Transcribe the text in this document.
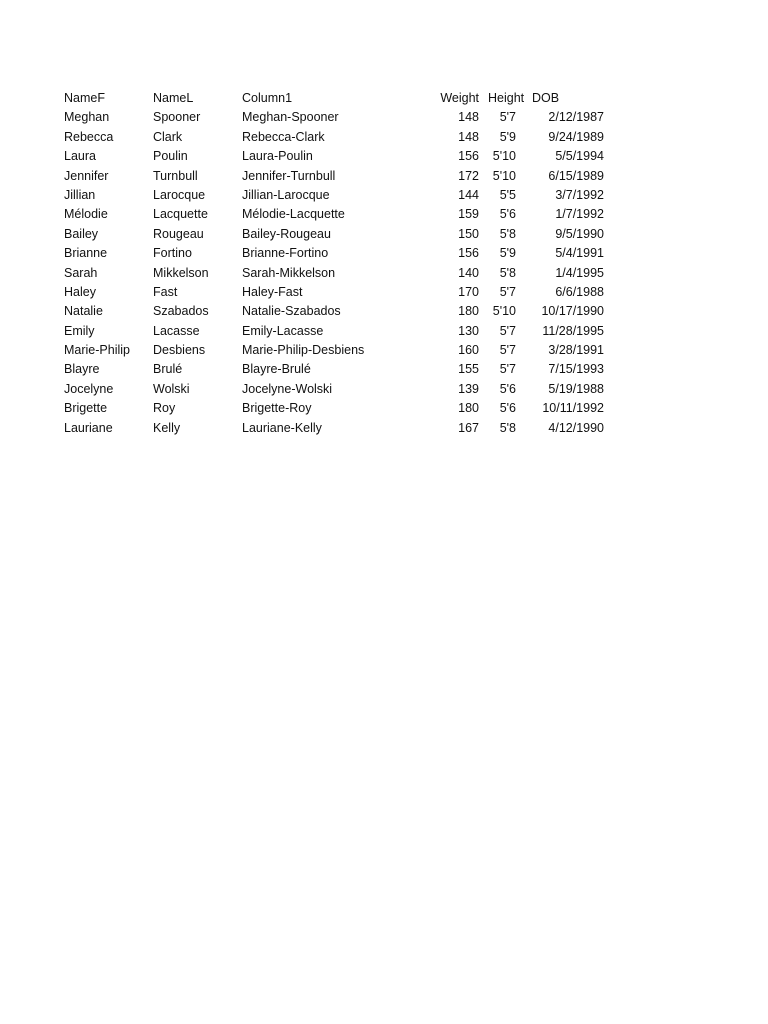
NameF	NameL	Column1	Weight Height DOB
Meghan	Spooner	Meghan-Spooner	148	5'7	2/12/1987
Rebecca	Clark	Rebecca-Clark	148	5'9	9/24/1989
Laura	Poulin	Laura-Poulin	156	5'10	5/5/1994
Jennifer	Turnbull	Jennifer-Turnbull	172	5'10	6/15/1989
Jillian	Larocque	Jillian-Larocque	144	5'5	3/7/1992
Mélodie	Lacquette	Mélodie-Lacquette	159	5'6	1/7/1992
Bailey	Rougeau	Bailey-Rougeau	150	5'8	9/5/1990
Brianne	Fortino	Brianne-Fortino	156	5'9	5/4/1991
Sarah	Mikkelson	Sarah-Mikkelson	140	5'8	1/4/1995
Haley	Fast	Haley-Fast	170	5'7	6/6/1988
Natalie	Szabados	Natalie-Szabados	180	5'10	10/17/1990
Emily	Lacasse	Emily-Lacasse	130	5'7	11/28/1995
Marie-Philip Desbiens	Marie-Philip-Desbiens	160	5'7	3/28/1991
Blayre	Brulé	Blayre-Brulé	155	5'7	7/15/1993
Jocelyne	Wolski	Jocelyne-Wolski	139	5'6	5/19/1988
Brigette	Roy	Brigette-Roy	180	5'6	10/11/1992
Lauriane	Kelly	Lauriane-Kelly	167	5'8	4/12/1990
